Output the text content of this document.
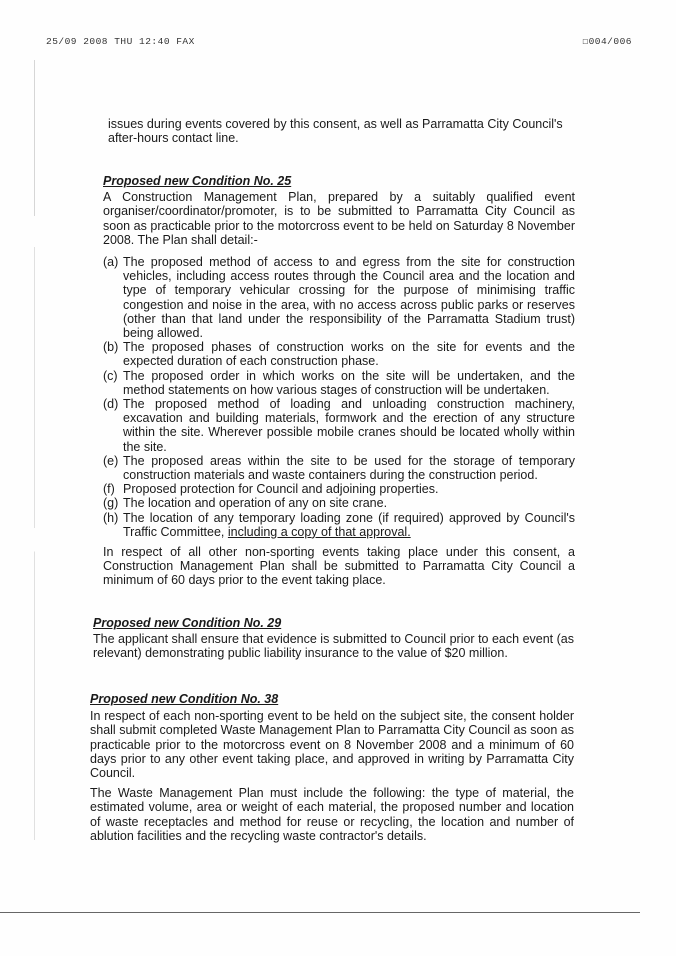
25/09 2008 THU 12:40 FAX	☐004/006

issues during events covered by this consent, as well as Parramatta City Council's after-hours contact line.

Proposed new Condition No. 25

A Construction Management Plan, prepared by a suitably qualified event organiser/coordinator/promoter, is to be submitted to Parramatta City Council as soon as practicable prior to the motorcross event to be held on Saturday 8 November 2008. The Plan shall detail:-

(a) The proposed method of access to and egress from the site for construction vehicles, including access routes through the Council area and the location and type of temporary vehicular crossing for the purpose of minimising traffic congestion and noise in the area, with no access across public parks or reserves (other than that land under the responsibility of the Parramatta Stadium trust) being allowed.
(b) The proposed phases of construction works on the site for events and the expected duration of each construction phase.
(c) The proposed order in which works on the site will be undertaken, and the method statements on how various stages of construction will be undertaken.
(d) The proposed method of loading and unloading construction machinery, excavation and building materials, formwork and the erection of any structure within the site. Wherever possible mobile cranes should be located wholly within the site.
(e) The proposed areas within the site to be used for the storage of temporary construction materials and waste containers during the construction period.
(f) Proposed protection for Council and adjoining properties.
(g) The location and operation of any on site crane.
(h) The location of any temporary loading zone (if required) approved by Council's Traffic Committee, including a copy of that approval.

In respect of all other non-sporting events taking place under this consent, a Construction Management Plan shall be submitted to Parramatta City Council a minimum of 60 days prior to the event taking place.

Proposed new Condition No. 29

The applicant shall ensure that evidence is submitted to Council prior to each event (as relevant) demonstrating public liability insurance to the value of $20 million.

Proposed new Condition No. 38

In respect of each non-sporting event to be held on the subject site, the consent holder shall submit completed Waste Management Plan to Parramatta City Council as soon as practicable prior to the motorcross event on 8 November 2008 and a minimum of 60 days prior to any other event taking place, and approved in writing by Parramatta City Council.

The Waste Management Plan must include the following: the type of material, the estimated volume, area or weight of each material, the proposed number and location of waste receptacles and method for reuse or recycling, the location and number of ablution facilities and the recycling waste contractor's details.
